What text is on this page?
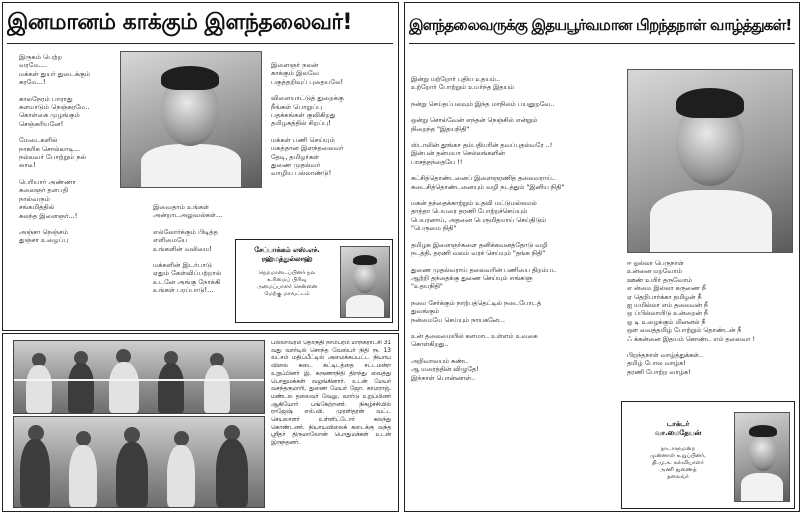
இனமானம் காக்கும் இளந்தலைவர்!

இருகம் பெற்ற
வரமே....
மக்கள் துயர் துடைக்கும்
கரமே...!

காலநேரம் பாராது
களமாடும் நெஞ்சுரமே..
கொள்கை முழங்கும்
செஞ்சுரியனே!

மேடைகளில்
நாகரிக சொல்லாடி...
நல்லவர் போற்றும் நல்
லாடீ!

பெரியார் அண்ணா
கலைஞர் தளபதி
நால்வரும்
சங்கமித்தில்
கலந்த இளைஞர்...!

அஞ்சா நெஞ்சம்
துஞ்சா உழைப்பு

இளைஞர் நலன்
காக்கும் இலவே
பகுத்தறிவுப் புதையலே!

விளையாட்டுத் துறைக்கு
நீங்கள் பொறுப்பு
பதக்கங்கள் குவிகிறது
தமிழகத்தில் சிறப்பு!

மக்கள் பணி செய்யும்
மகத்தான இளந்தலைவர்
தேடி, தமிழர்கள்
துணை முதல்வர்
வாழிய பல்லாண்டு!

இவைதாம் உங்கள்
அன்றாடஅலுவல்கள்...

எல்லோர்க்கும் பிடித்த
எளிமையே
உங்களின் வலிமை!

மக்களின் இடர்பாடு
ஏதும் கேள்விப்பற்றால்
உடனே அங்கு நோக்கி
உங்கள் பரப்பாடு!...

சேப்பாக்கம் எஸ்.எச்.
ரஹ்மத்துல்லாஹ்
நெறமாடைப்பினர் நல
உரிமைப் பிரிவு
அமைப்பாளர் சென்னை
மேற்கு மாவட்டம்
பல்லாவரம் தொகுதி நாம்பரம் மாநகராட்சி 31 வது வார்டில் சொந்த வேஸ்பர் நிதி ரூ. 13 லட்சம் மதிப்பீட்டில் அமைக்கப்பட்ட நியாய விலை கடை கட்டிடத்தை சட்டமன்ற உறுப்பினர் இ. கருணாநிதி திறந்து வைத்து பொதுமக்கள் வழங்கினார். உடன் மேயர் வசந்தகுமாரி, துணை மேயர் ஜோ. காமராஜ், மண்டல தலைவர் வேலு, வார்டு உறுப்பினர் ஆகியோர் பங்கேற்றனர். நிகழ்ச்சியில் ராஜேஷ் எல்.வி. முரளிதரன் வட்ட செயலாளர் உள்ளிட்டோர் கலந்து கொண்டனர். நியாயவிலைக் கடைக்கு வந்த ஸ்ரீதர் திருமாலோன் பொதுமக்கள் உடன் இருந்தனர்.
இளந்தலைவருக்கு இதயபூர்வமான பிறந்தநாள் வாழ்த்துகள்!

இன்று மற்றோர் புதிய உதயம்..
உற்றோர் போற்றும் உயர்ந்த இதயம்

நன்று செய்தப்பலவும் இந்த மாநிலம் பயனுறவே..

ஒன்று சொல்வேன் எந்தன் நெஞ்சில் என்றும்
நிறைந்த "இதயநிதி"

ஸ்டாலின் தூங்கா தம்பதியரின் தவப்புதல்வரே ..!
இன்பன் தன்மயா செல்லங்களின்
பாசத்தந்தையே !!

கட்சித்தொண்டனைப் இளைஞரணித் தலைவராய்..
கடைசித்தொண்டனையும் வழி நடத்தும் "இனிய நிதி"

மகன் தந்தைக்காற்றும் உதவி மட்டுமல்லமல்
தாத்தா பெயரை தரணி போற்றச்செய்யும்
பெயரனாய், அதனை பெருமிதமாய் செய்திடும்
"பெருமை நிதி"

தமிழக இளைஞர்களை தனிக்கவனத்தோடு வழி
நடத்தி, தரணி வலம் வரச் செய்யும் "தங்க நிதி"

துணை முதல்வராய் தலைவரின் பணியை திறம்பட
ஆற்றி தந்தைக்கு துணை செய்யும் எங்களு
"உதயநிதி"

நமை சேர்க்கும் நாற்பத்தெட்டில் நடைபோடத்
துவங்கும்
நன்மையே செய்யும் நாயகனே...

உன் தலைமையில் களமாட உள்ளம் உவகை
கொள்கிறது..

அறிவாலயம் கண்ட
ஆ மரைத்தின் விழுதே!
இந்நாள் பொன்னாள்..

ஈ ஓல்லா பெருநாள்
உன்னை மறவோம்
ஊண் உயிர் தருவோம்
எ ன்மை இல்லா கருணை நீ
ஏ தெறிபார்க்கா தமிழன் நீ
ஐ யமில்லா எம் தலைவன் நீ
ஒ ப்பில்லாயிடு உன்றைன் நீ
ஓ டி உழைக்கும் மினனல் நீ
ஔ வைத்தமிழ் போற்றும் தொண்டன் நீ
ஃ க்கன்னை இதயம் கொண்ட எம் தலைவா !

பிறந்தநாள் வாழ்த்துக்கள்..
தமிழ் போல வாழ்க!
தரணி போற்ற வாழ்க!

டாக்டர்
வா.மைதேயன்
நாடாளுமன்ற
முன்னாள் உறுப்பினர்,
தி.மு.க. கல்வியாளர்
அணி துணைத்
தலைவர்
